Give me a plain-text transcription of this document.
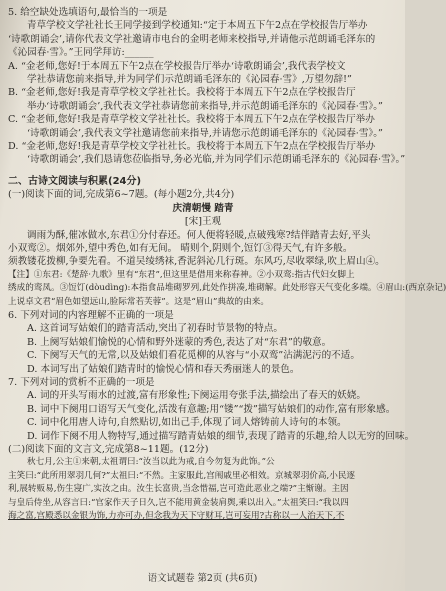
5. 给空缺处选填语句,最恰当的一项是

青草学校文学社社长王同学接到学校通知:“定于本周五下午2点在学校报告厅举办

‘诗歌朗诵会’,请你代表文学社邀请市电台的金明老师来校指导,并请他示范朗诵毛泽东的

《沁园春·雪》。”王同学拜访:______

A. “金老师,您好!于本周五下午2点在学校报告厅举办‘诗歌朗诵会’,我代表学校文

学社恭请您前来指导,并为同学们示范朗诵毛泽东的《沁园春·雪》,万望勿辞!”

B. “金老师,您好!我是青草学校文学社社长。我校将于本周五下午2点在学校报告厅

举办‘诗歌朗诵会’,我代表文学社恭请您前来指导,并示范朗诵毛泽东的《沁园春·雪》。”

C. “金老师,您好!我是青草学校文学社社长。我校将于本周五下午2点在学校报告厅举办

‘诗歌朗诵会’,我代表文学社邀请您前来指导,并请您示范朗诵毛泽东的《沁园春·雪》。”

D. “金老师,您好!我是青草学校文学社社长。我校将于本周五下午2点在学校报告厅举办

‘诗歌朗诵会’,我们恳请您莅临指导,务必光临,并为同学们示范朗诵毛泽东的《沁园春·雪》。”

二、古诗文阅读与积累(24分)

(一)阅读下面的词,完成第6~7题。(每小题2分,共4分)

庆清朝慢 踏青

[宋]王观

调雨为酥,催冰做水,东君①分付春还。何人便将轻暖,点破残寒?结伴踏青去好,平头

小双鸾②。烟郊外,望中秀色,如有无间。 晴则个,阴则个,饾饤③得天气,有许多般。

须教镂花拨柳,争要先看。不道吴绫绣袜,香泥斜沁几行斑。东风巧,尽收翠绿,吹上眉山④。

【注】①东君:《楚辞·九歌》里有“东君”,但这里是借用来称春神。②小双鸾:指古代妇女脚上

绣成的鸾凤。③饾饤(dòudìng):本指食品堆砌罗列,此处作拼凑,堆砌解。此处形容天气变化多端。④眉山:(西京杂记)

上说卓文君“眉色如望远山,脸际常若芙蓉”。这是“眉山”典故的由来。

6. 下列对词的内容理解不正确的一项是

A. 这首词写姑娘们的踏青活动,突出了初春时节景物的特点。

B. 上阕写姑娘们愉悦的心情和野外迷蒙的秀色,表达了对“东君”的敬意。

C. 下阕写天气的无常,以及姑娘们看花觅柳的从容与“小双鸾”沾满泥污的不适。

D. 本词写出了姑娘们踏青时的愉悦心情和春天秀丽迷人的景色。

7. 下列对词的赏析不正确的一项是

A. 词的开头写雨水的过渡,富有形象性;下阕运用夸张手法,描绘出了春天的妖娆。

B. 词中下阕用口语写天气变化,活泼有意趣;用“镂”“拨”描写姑娘们的动作,富有形象感。

C. 词中化用唐人诗句,自然贴切,如出己手,体现了词人熔铸前人诗句的本领。

D. 词作下阕不用人物特写,通过描写踏青姑娘的细节,表现了踏青的乐趣,给人以无穷的回味。

(二)阅读下面的文言文,完成第8~11题。(12分)

秋七月,公主①来朝,太祖谓曰:“汝当以此为戒,自今勿复为此饰。”公

主笑曰:“此所用翠羽几何?”太祖曰:“不然。主家服此,宫闱戚里必相效。京城翠羽价高,小民逐

利,展转贩易,伤生寖广,实汝之由。汝生长富贵,当念惜福,岂可造此恶业之端?”主惭谢。主因

与皇后侍坐,从容言曰:“官家作天子日久,岂不能用黄金装肩舆,乘以出入。”太祖笑曰:“我以四

海之富,宫殿悉以金银为饰,力亦可办,但念我为天下守财耳,岂可妄用?古称以一人治天下,不

语文试题卷 第2页 (共6页)
